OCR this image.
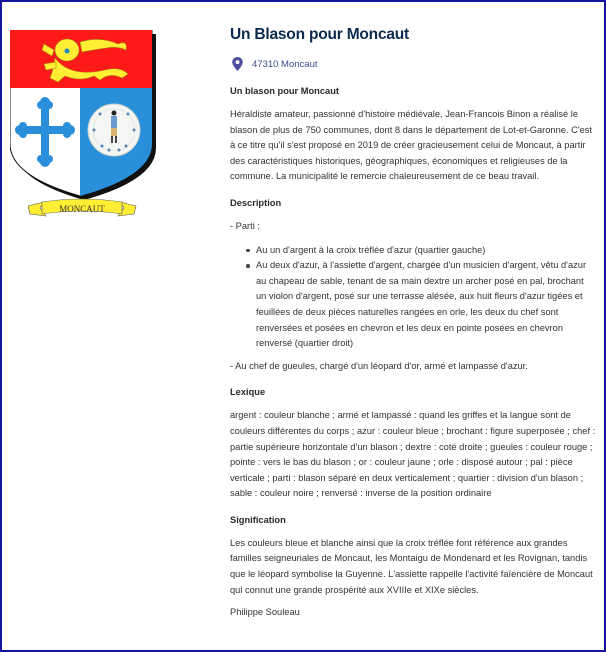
MONCAUT
Un Blason pour Moncaut
47310 Moncaut
Un blason pour Moncaut

Héraldiste amateur, passionné d'histoire médiévale, Jean-Francois Binon a réalisé le blason de plus de 750 communes, dont 8 dans le département de Lot-et-Garonne. C'est à ce titre qu'il s'est proposé en 2019 de créer gracieusement celui de Moncaut, à partir des caractéristiques historiques, géographiques, économiques et religieuses de la commune. La municipalité le remercie chaleureusement de ce beau travail.

Description

- Parti :

Au un d'argent à la croix tréflée d'azur (quartier gauche)
Au deux d'azur, à l'assiette d'argent, chargée d'un musicien d'argent, vêtu d'azur au chapeau de sable, tenant de sa main dextre un archer posé en pal, brochant un violon d'argent, posé sur une terrasse alésée, aux huit fleurs d'azur tigées et feuillées de deux pièces naturelles rangées en orle, les deux du chef sont renversées et posées en chevron et les deux en pointe posées en chevron renversé (quartier droit)

- Au chef de gueules, chargé d'un léopard d'or, armé et lampassé d'azur.

Lexique

argent : couleur blanche ; armé et lampassé : quand les griffes et la langue sont de couleurs différentes du corps ; azur : couleur bleue ; brochant : figure superposée ; chef : partie supérieure horizontale d'un blason ; dextre : coté droite ; gueules : couleur rouge ; pointe : vers le bas du blason ; or : couleur jaune ; orle : disposé autour ; pal : pièce verticale ; parti : blason séparé en deux verticalement ; quartier : division d'un blason ; sable : couleur noire ; renversé : inverse de la position ordinaire

Signification

Les couleurs bleue et blanche ainsi que la croix tréflée font référence aux grandes familles seigneuriales de Moncaut, les Montaigu de Mondenard et les Rovignan, tandis que le léopard symbolise la Guyenne. L'assiette rappelle l'activité faïencière de Moncaut qui connut une grande prospérité aux XVIIIe et XIXe siècles.

Philippe Souleau
